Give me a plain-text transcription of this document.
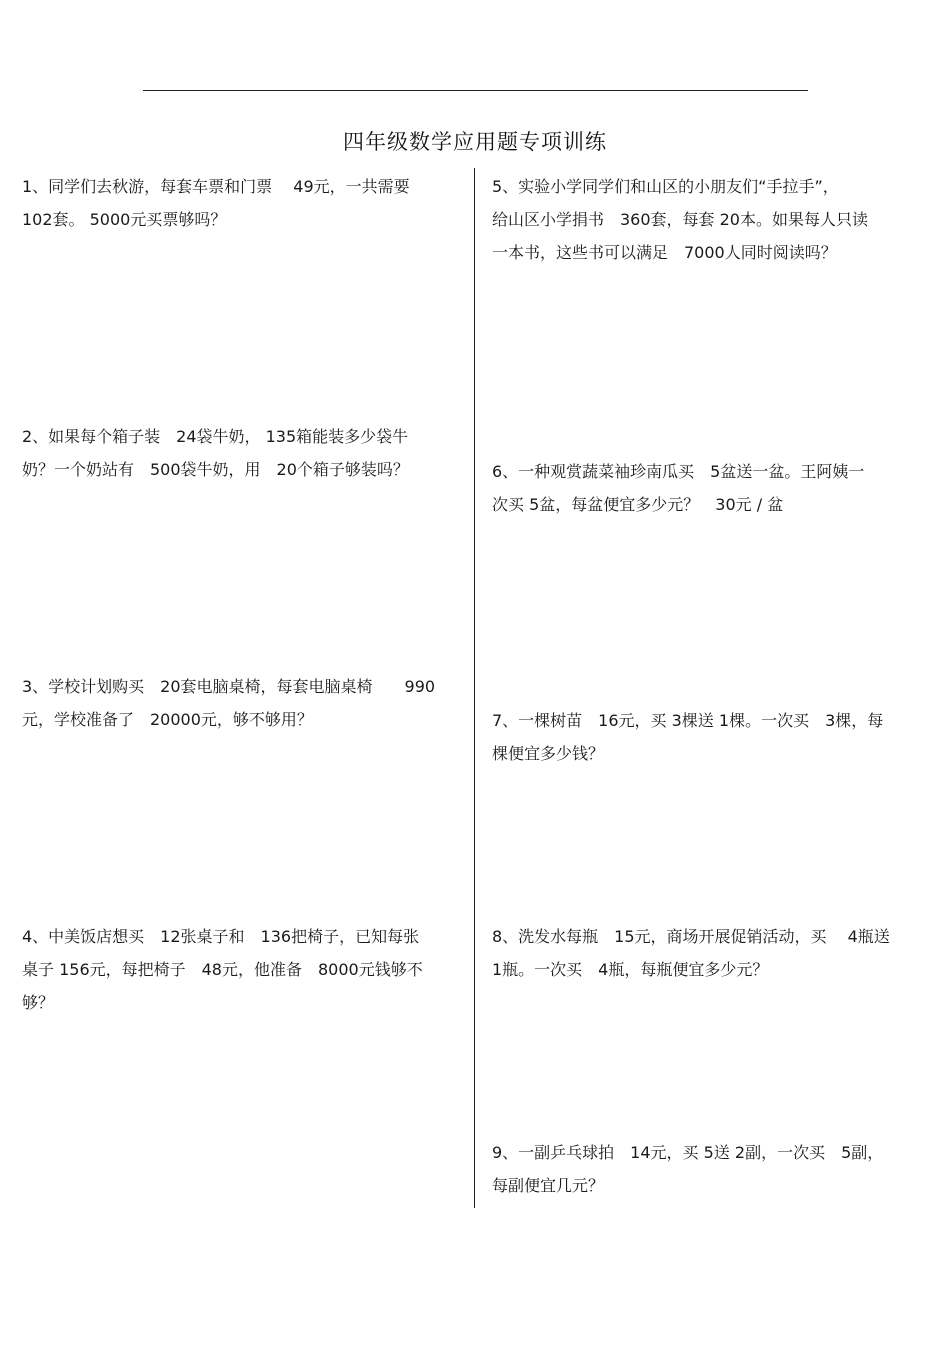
四年级数学应用题专项训练
1、同学们去秋游，每套车票和门票　 49元，一共需要
102套。 5000元买票够吗？
2、如果每个箱子装　24袋牛奶， 135箱能装多少袋牛
奶？一个奶站有　500袋牛奶，用　20个箱子够装吗？
3、学校计划购买　20套电脑桌椅，每套电脑桌椅　　990
元，学校准备了　20000元，够不够用？
4、中美饭店想买　12张桌子和　136把椅子，已知每张
桌子 156元，每把椅子　48元，他准备　8000元钱够不
够？
5、实验小学同学们和山区的小朋友们“手拉手”，
给山区小学捐书　360套，每套 20本。如果每人只读
一本书，这些书可以满足　7000人同时阅读吗？
6、一种观赏蔬菜袖珍南瓜买　5盆送一盆。王阿姨一
次买 5盆，每盆便宜多少元？　30元 / 盆
7、一棵树苗　16元，买 3棵送 1棵。一次买　3棵，每
棵便宜多少钱？
8、洗发水每瓶　15元，商场开展促销活动，买　 4瓶送
1瓶。一次买　4瓶，每瓶便宜多少元？
9、一副乒乓球拍　14元，买 5送 2副，一次买　5副，
每副便宜几元？
